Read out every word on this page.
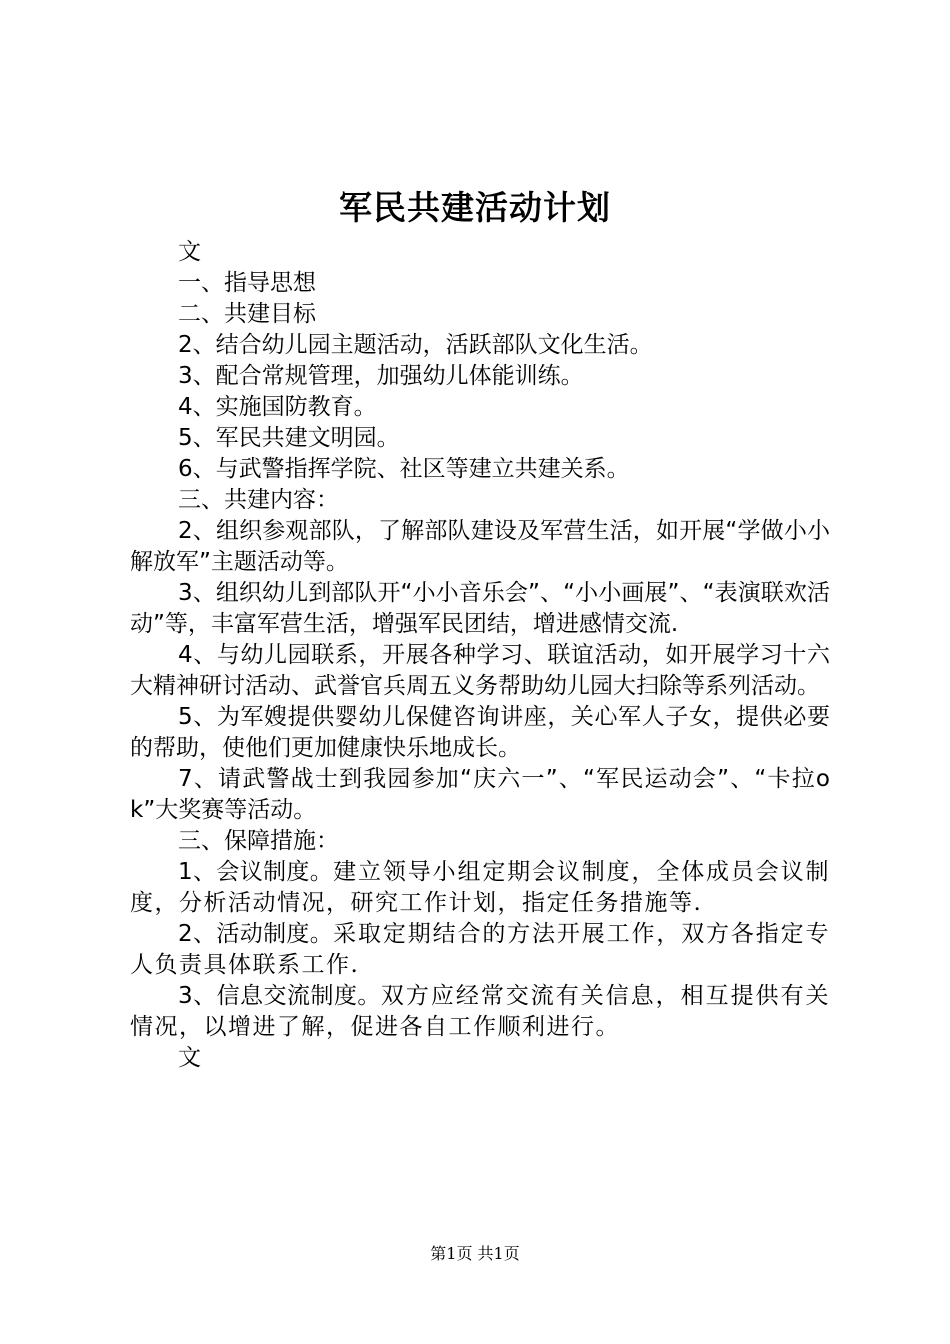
军民共建活动计划

文

一、指导思想

二、共建目标

2、结合幼儿园主题活动，活跃部队文化生活。

3、配合常规管理，加强幼儿体能训练。

4、实施国防教育。

5、军民共建文明园。

6、与武警指挥学院、社区等建立共建关系。

三、共建内容：

2、组织参观部队，了解部队建设及军营生活，如开展“学做小小解放军”主题活动等。

3、组织幼儿到部队开“小小音乐会”、“小小画展”、“表演联欢活动”等，丰富军营生活，增强军民团结，增进感情交流.

4、与幼儿园联系，开展各种学习、联谊活动，如开展学习十六大精神研讨活动、武誉官兵周五义务帮助幼儿园大扫除等系列活动。

5、为军嫂提供婴幼儿保健咨询讲座，关心军人子女，提供必要的帮助，使他们更加健康快乐地成长。

7、请武警战士到我园参加“庆六一”、“军民运动会”、“卡拉ok”大奖赛等活动。

三、保障措施：

1、会议制度。建立领导小组定期会议制度，全体成员会议制度，分析活动情况，研究工作计划，指定任务措施等.

2、活动制度。采取定期结合的方法开展工作，双方各指定专人负责具体联系工作.

3、信息交流制度。双方应经常交流有关信息，相互提供有关情况，以增进了解，促进各自工作顺利进行。

文

第1页 共1页
